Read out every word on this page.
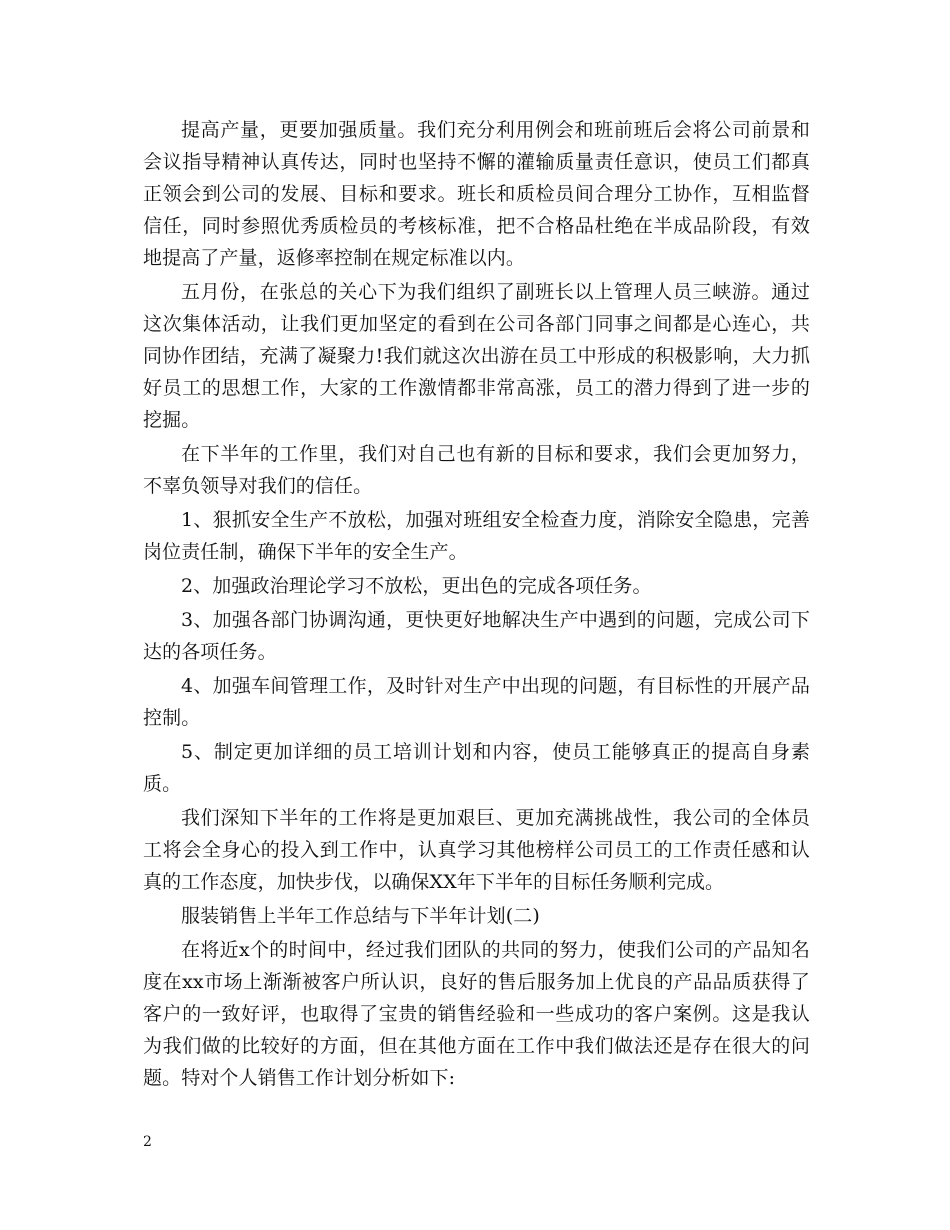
提高产量，更要加强质量。我们充分利用例会和班前班后会将公司前景和会议指导精神认真传达，同时也坚持不懈的灌输质量责任意识，使员工们都真正领会到公司的发展、目标和要求。班长和质检员间合理分工协作，互相监督信任，同时参照优秀质检员的考核标准，把不合格品杜绝在半成品阶段，有效地提高了产量，返修率控制在规定标准以内。

五月份，在张总的关心下为我们组织了副班长以上管理人员三峡游。通过这次集体活动，让我们更加坚定的看到在公司各部门同事之间都是心连心，共同协作团结，充满了凝聚力!我们就这次出游在员工中形成的积极影响，大力抓好员工的思想工作，大家的工作激情都非常高涨，员工的潜力得到了进一步的挖掘。

在下半年的工作里，我们对自己也有新的目标和要求，我们会更加努力，不辜负领导对我们的信任。

1、狠抓安全生产不放松，加强对班组安全检查力度，消除安全隐患，完善岗位责任制，确保下半年的安全生产。

2、加强政治理论学习不放松，更出色的完成各项任务。

3、加强各部门协调沟通，更快更好地解决生产中遇到的问题，完成公司下达的各项任务。

4、加强车间管理工作，及时针对生产中出现的问题，有目标性的开展产品控制。

5、制定更加详细的员工培训计划和内容，使员工能够真正的提高自身素质。

我们深知下半年的工作将是更加艰巨、更加充满挑战性，我公司的全体员工将会全身心的投入到工作中，认真学习其他榜样公司员工的工作责任感和认真的工作态度，加快步伐，以确保XX年下半年的目标任务顺利完成。

服装销售上半年工作总结与下半年计划(二)

在将近x个的时间中，经过我们团队的共同的努力，使我们公司的产品知名度在xx市场上渐渐被客户所认识，良好的售后服务加上优良的产品品质获得了客户的一致好评，也取得了宝贵的销售经验和一些成功的客户案例。这是我认为我们做的比较好的方面，但在其他方面在工作中我们做法还是存在很大的问题。特对个人销售工作计划分析如下:

2
